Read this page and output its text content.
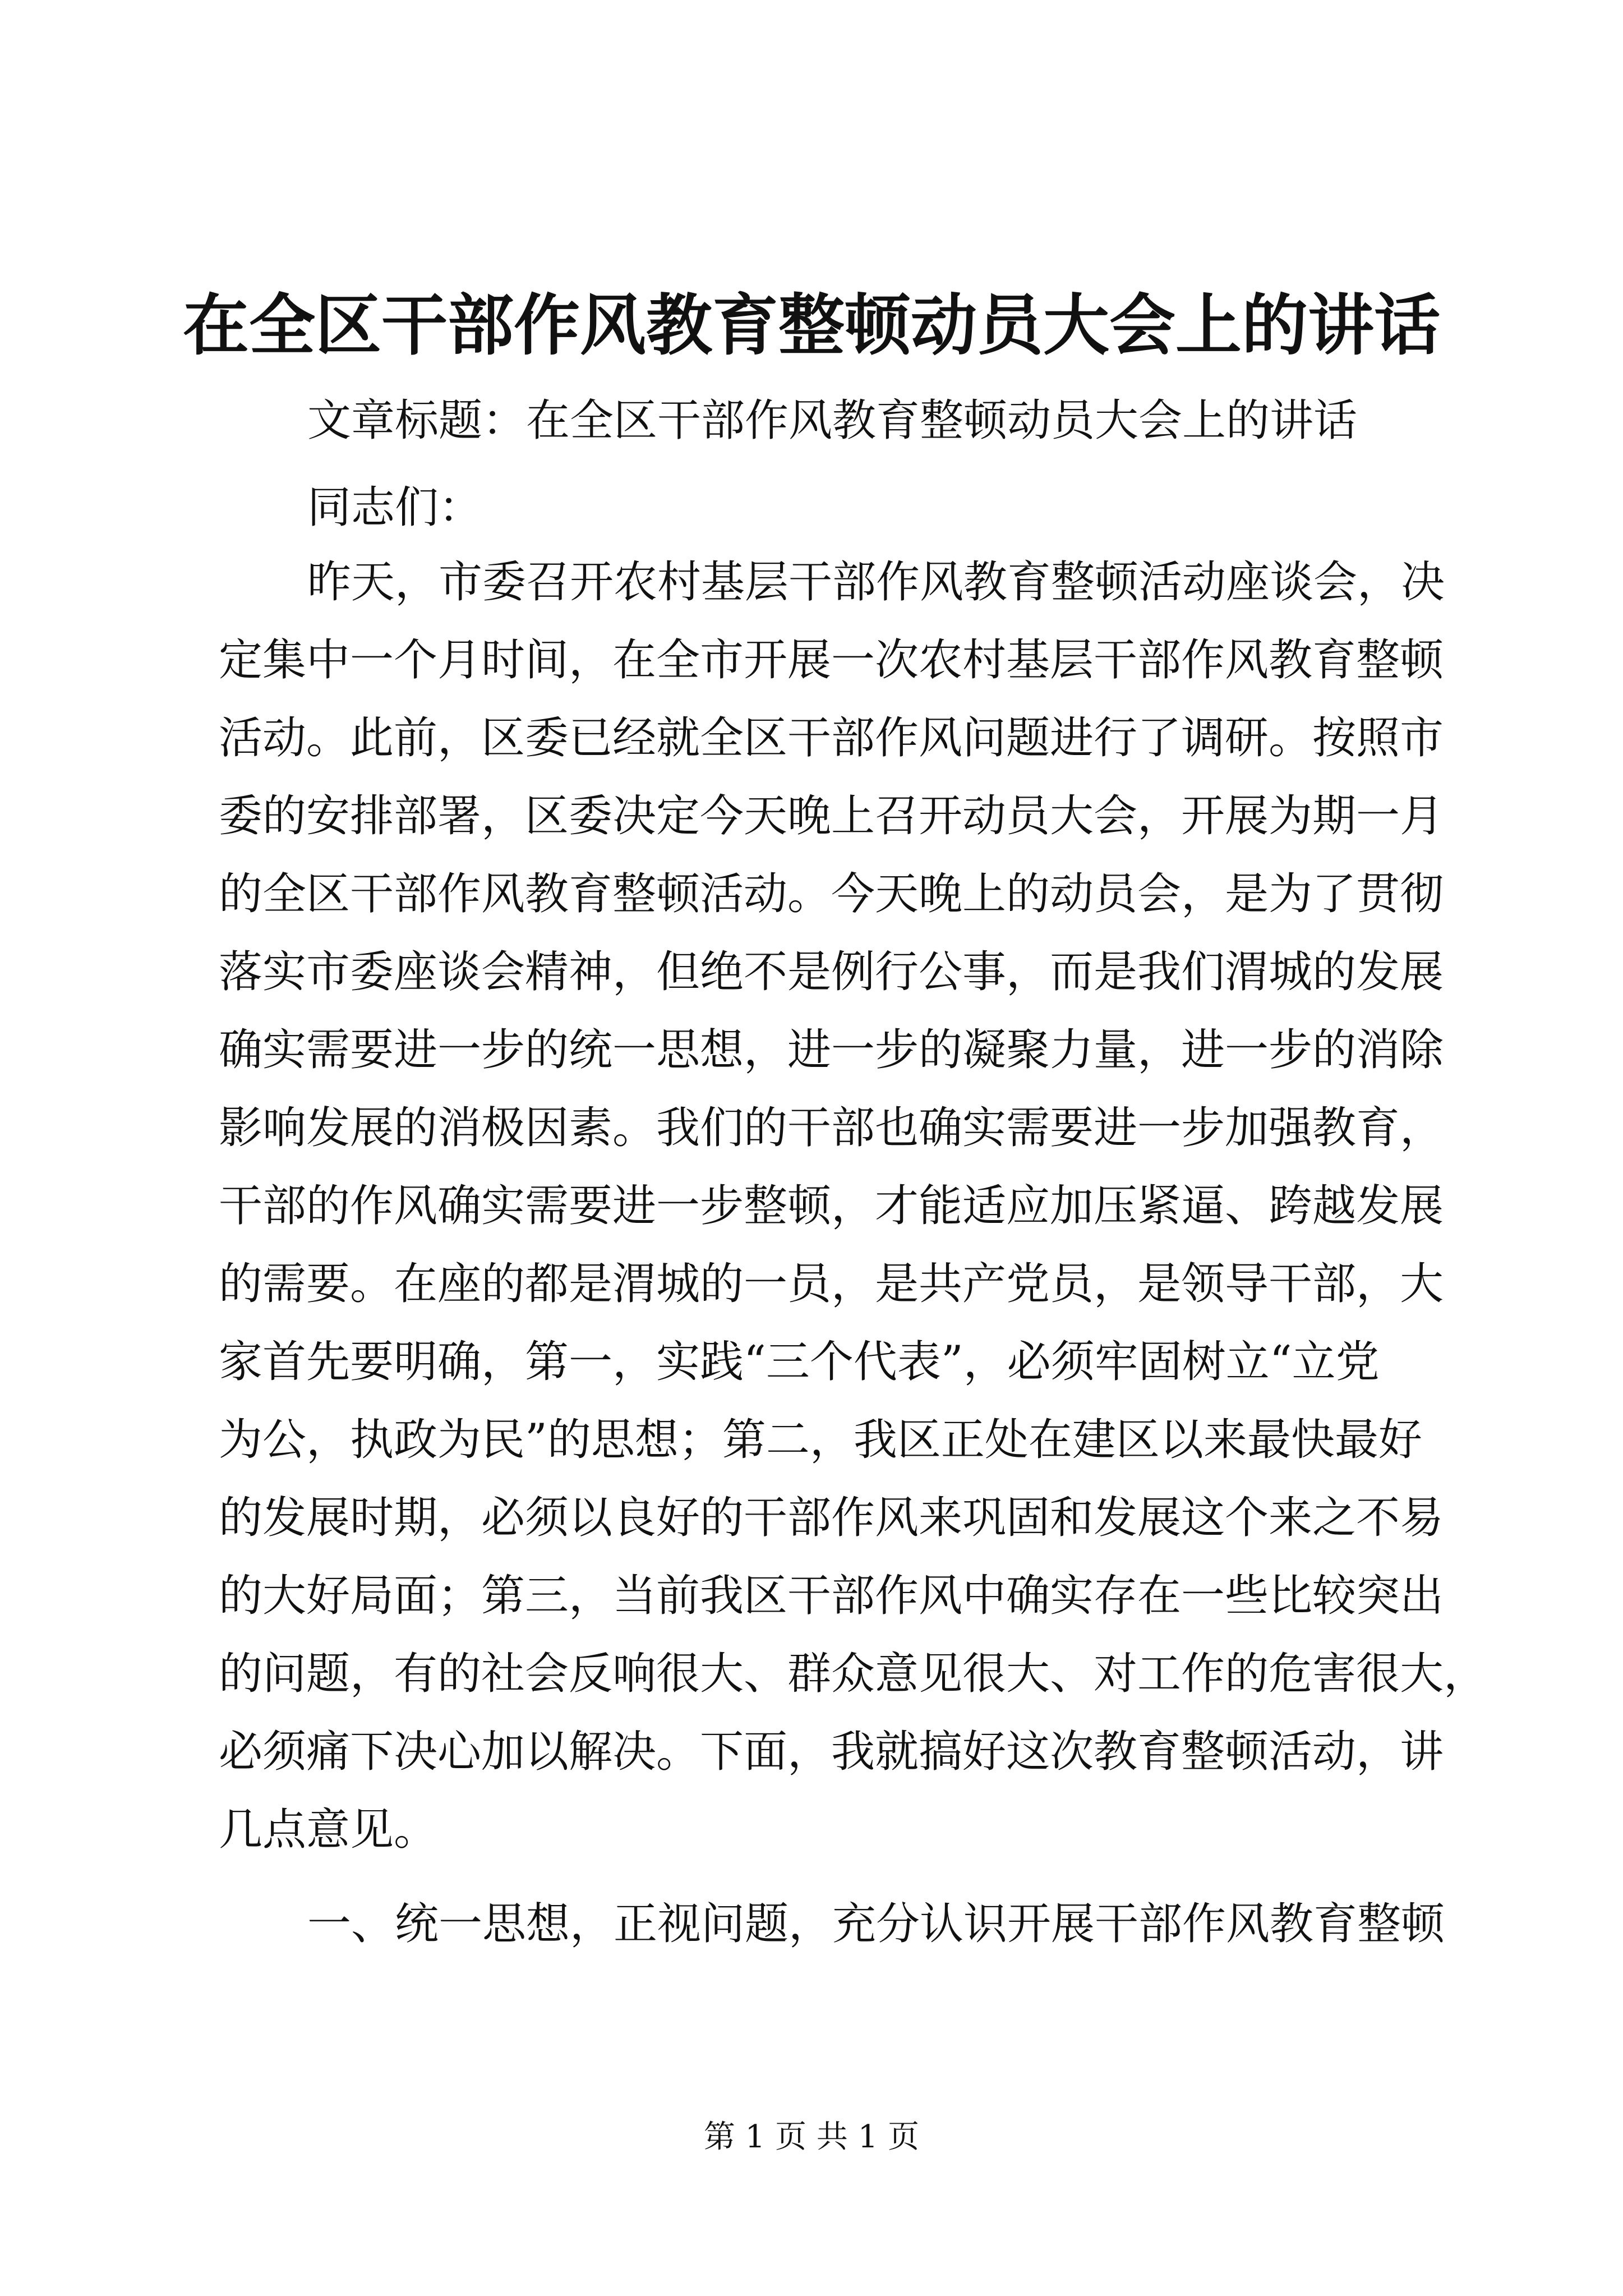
在全区干部作风教育整顿动员大会上的讲话
文章标题：在全区干部作风教育整顿动员大会上的讲话
同志们：
昨天，市委召开农村基层干部作风教育整顿活动座谈会，决
定集中一个月时间，在全市开展一次农村基层干部作风教育整顿
活动。此前，区委已经就全区干部作风问题进行了调研。按照市
委的安排部署，区委决定今天晚上召开动员大会，开展为期一月
的全区干部作风教育整顿活动。今天晚上的动员会，是为了贯彻
落实市委座谈会精神，但绝不是例行公事，而是我们渭城的发展
确实需要进一步的统一思想，进一步的凝聚力量，进一步的消除
影响发展的消极因素。我们的干部也确实需要进一步加强教育，
干部的作风确实需要进一步整顿，才能适应加压紧逼、跨越发展
的需要。在座的都是渭城的一员，是共产党员，是领导干部，大
家首先要明确，第一，实践“三个代表”，必须牢固树立“立党
为公，执政为民”的思想；第二，我区正处在建区以来最快最好
的发展时期，必须以良好的干部作风来巩固和发展这个来之不易
的大好局面；第三，当前我区干部作风中确实存在一些比较突出
的问题，有的社会反响很大、群众意见很大、对工作的危害很大，
必须痛下决心加以解决。下面，我就搞好这次教育整顿活动，讲
几点意见。
一、统一思想，正视问题，充分认识开展干部作风教育整顿
第 1 页 共 1 页
